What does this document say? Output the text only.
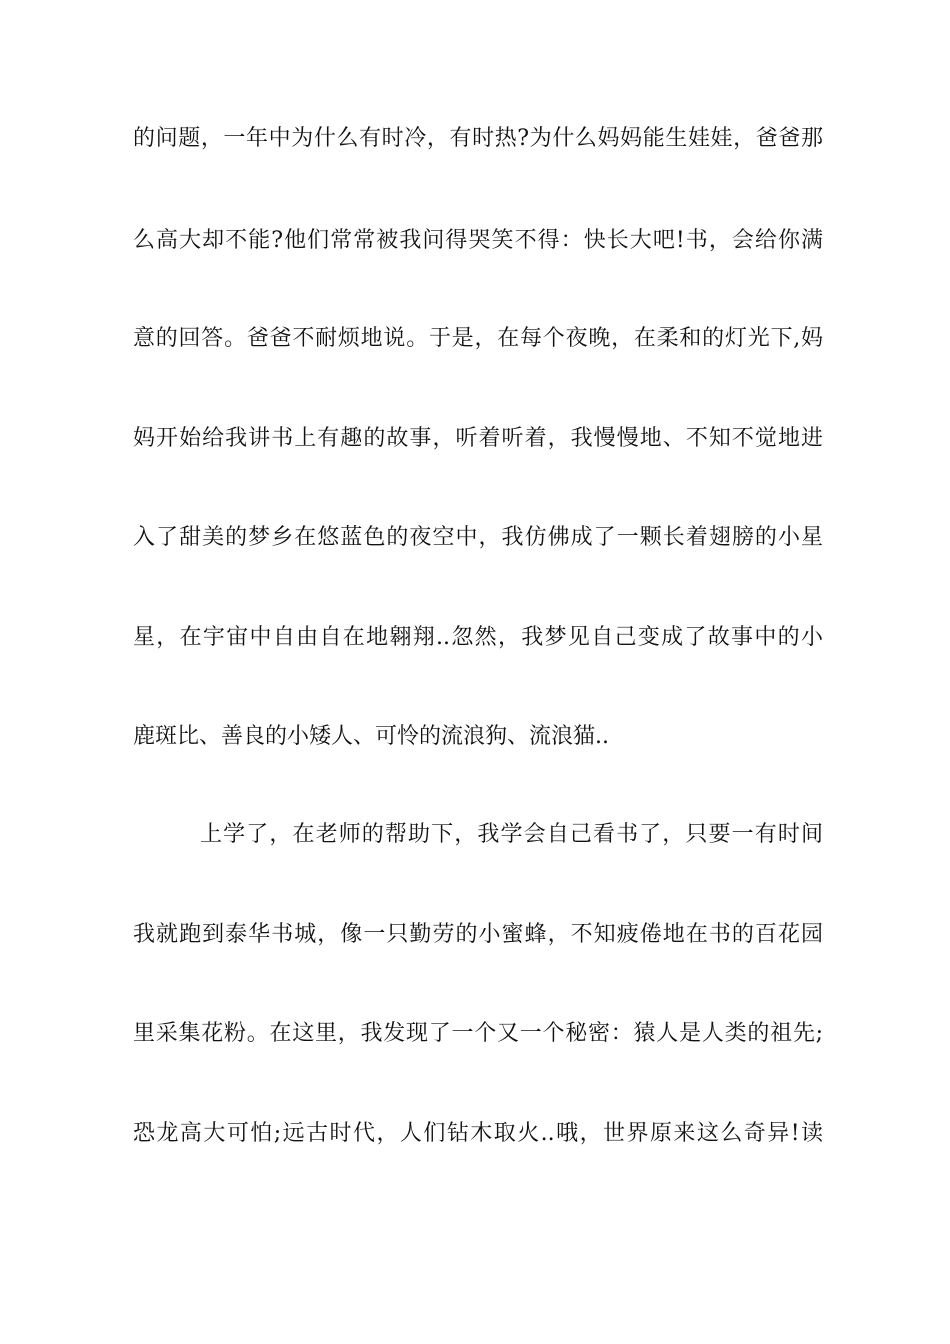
的问题，一年中为什么有时冷，有时热?为什么妈妈能生娃娃，爸爸那
么高大却不能?他们常常被我问得哭笑不得：快长大吧!书，会给你满
意的回答。爸爸不耐烦地说。于是，在每个夜晚，在柔和的灯光下,妈
妈开始给我讲书上有趣的故事，听着听着，我慢慢地、不知不觉地进
入了甜美的梦乡在悠蓝色的夜空中，我仿佛成了一颗长着翅膀的小星
星，在宇宙中自由自在地翱翔..忽然，我梦见自己变成了故事中的小
鹿斑比、善良的小矮人、可怜的流浪狗、流浪猫..
上学了，在老师的帮助下，我学会自己看书了，只要一有时间
我就跑到泰华书城，像一只勤劳的小蜜蜂，不知疲倦地在书的百花园
里采集花粉。在这里，我发现了一个又一个秘密：猿人是人类的祖先;
恐龙高大可怕;远古时代，人们钻木取火..哦，世界原来这么奇异!读
